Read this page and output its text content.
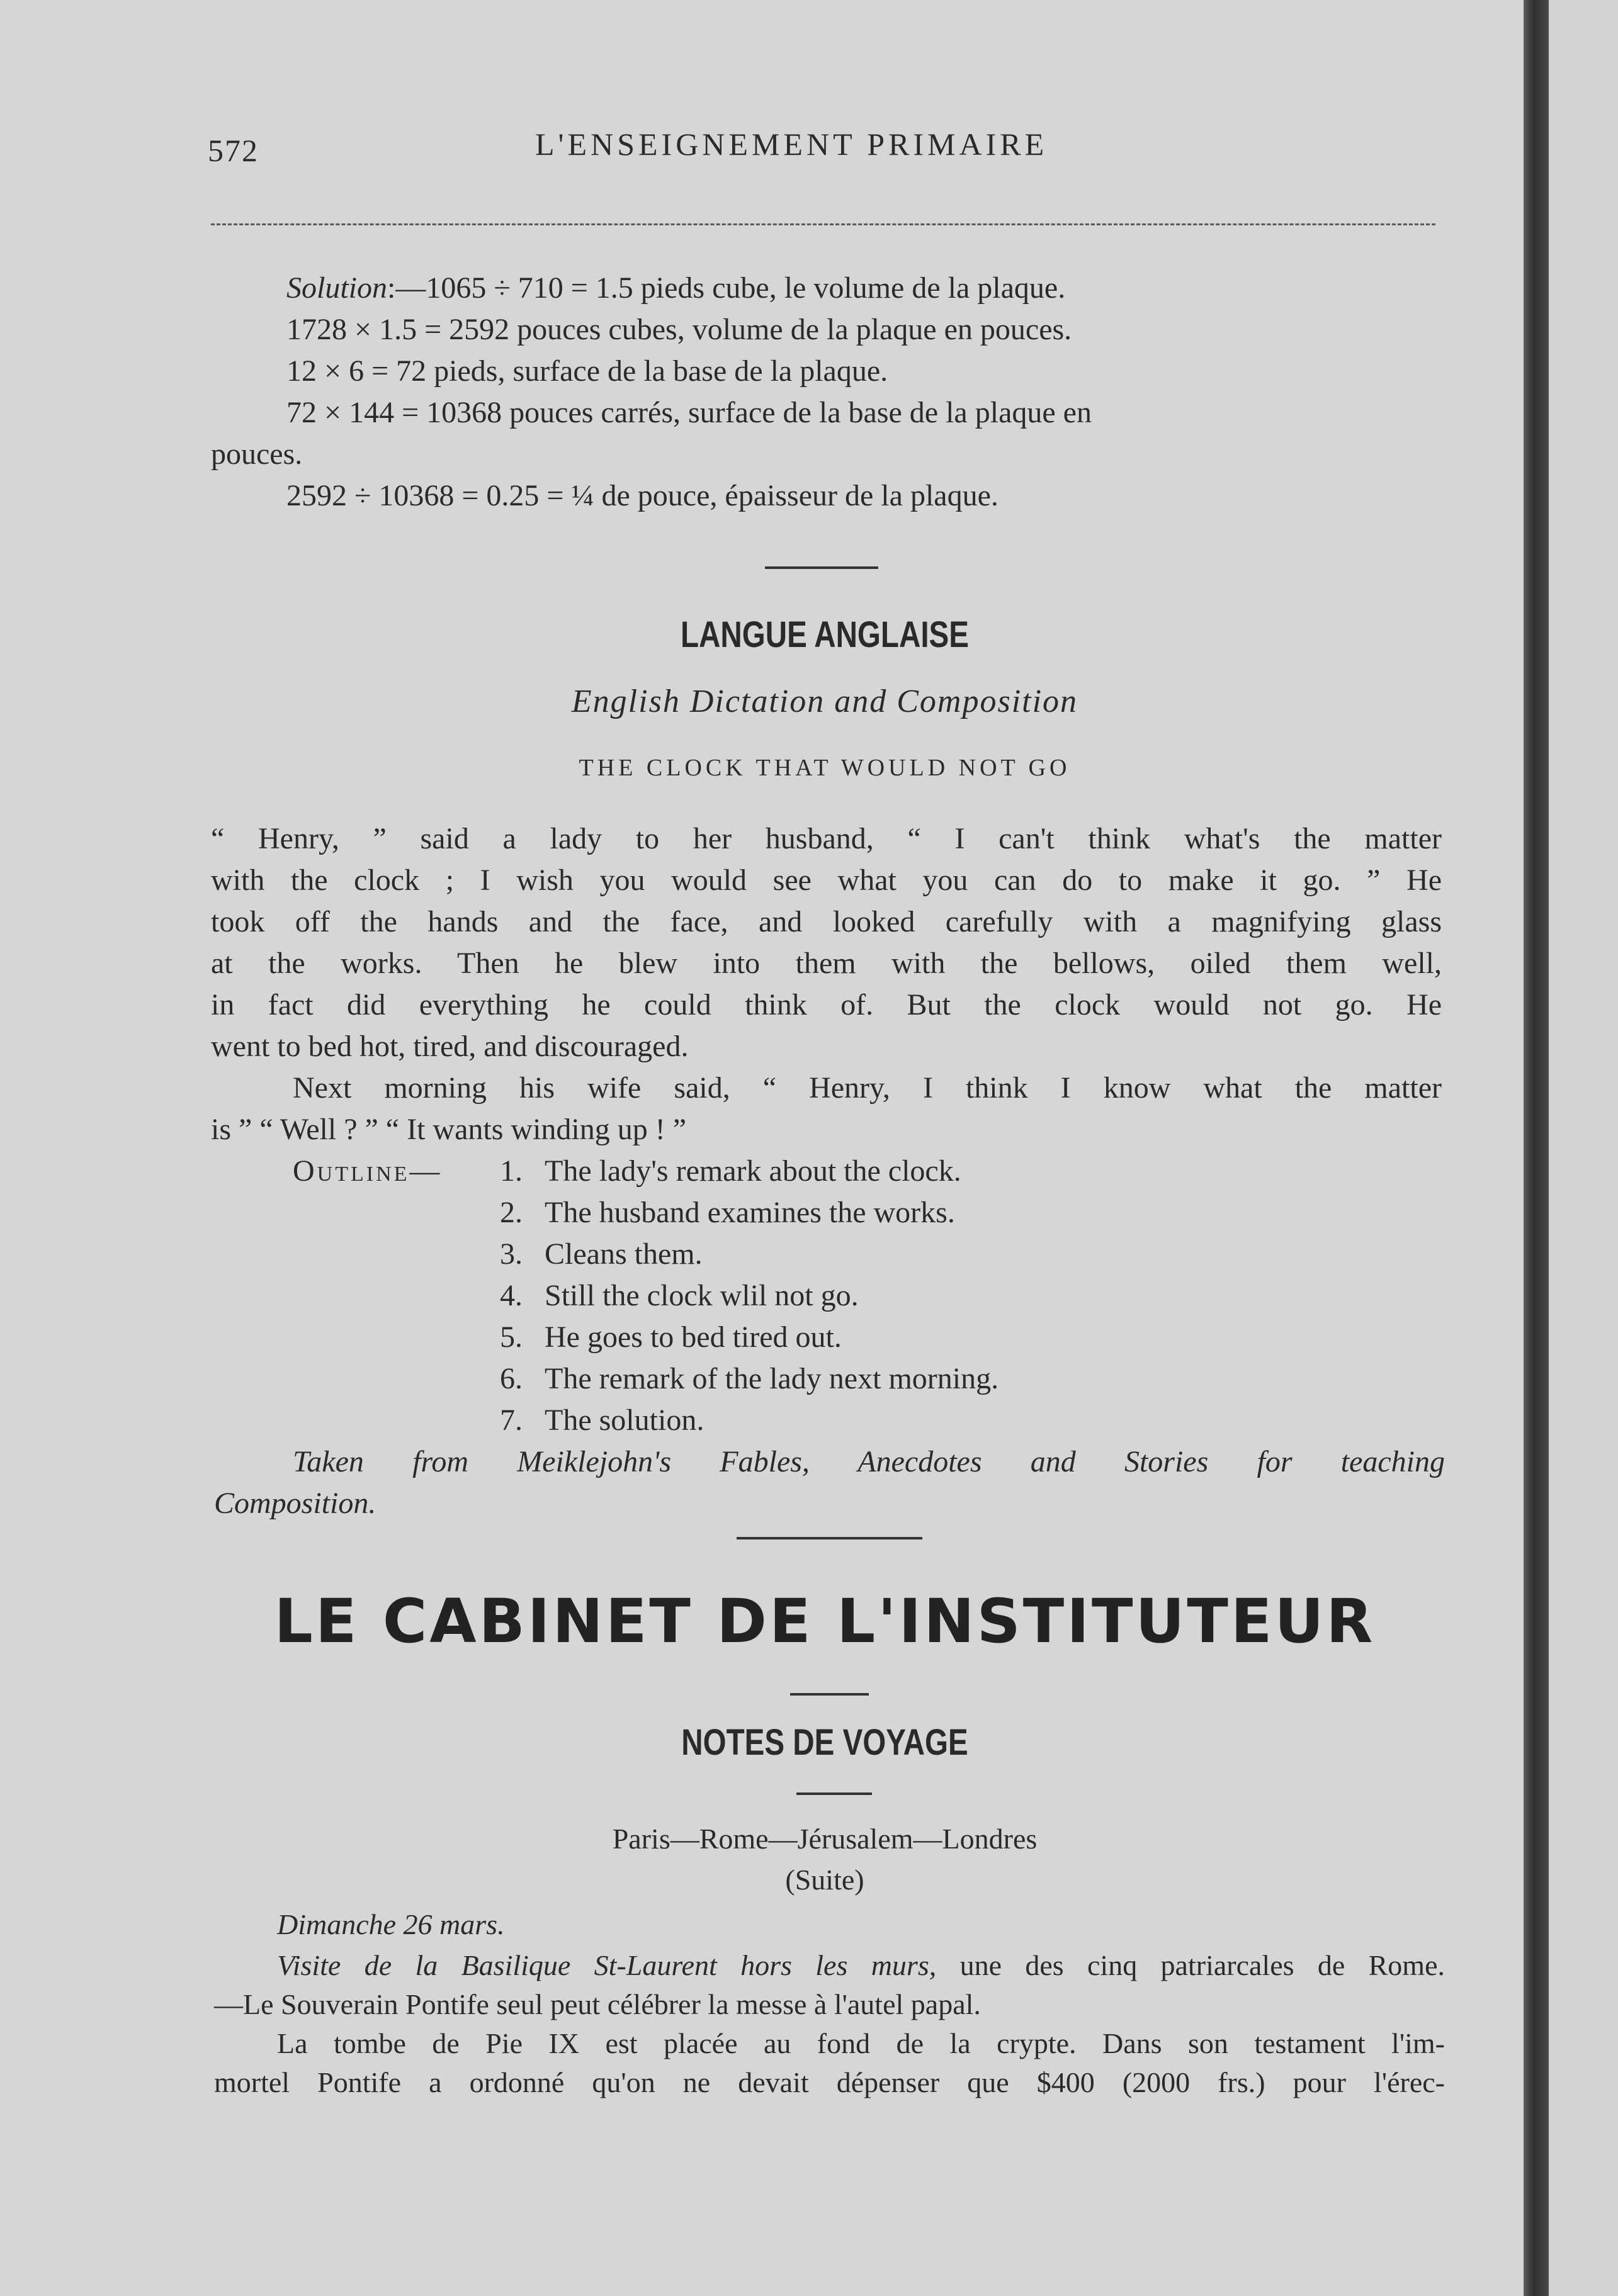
572	L'ENSEIGNEMENT PRIMAIRE
Solution:—1065 ÷ 710 = 1.5 pieds cube, le volume de la plaque.
1728 × 1.5 = 2592 pouces cubes, volume de la plaque en pouces.
12 × 6 = 72 pieds, surface de la base de la plaque.
72 × 144 = 10368 pouces carrés, surface de la base de la plaque en
pouces.
2592 ÷ 10368 = 0.25 = ¼ de pouce, épaisseur de la plaque.
LANGUE ANGLAISE
English Dictation and Composition
THE CLOCK THAT WOULD NOT GO
“ Henry, ” said a lady to her husband, “ I can't think what's the matter
with the clock ; I wish you would see what you can do to make it go. ” He
took off the hands and the face, and looked carefully with a magnifying glass
at the works. Then he blew into them with the bellows, oiled them well,
in fact did everything he could think of. But the clock would not go. He
went to bed hot, tired, and discouraged.
Next morning his wife said, “ Henry, I think I know what the matter
is ” “ Well ? ” “ It wants winding up ! ”
Outline—	1. The lady's remark about the clock.
2. The husband examines the works.
3. Cleans them.
4. Still the clock wlil not go.
5. He goes to bed tired out.
6. The remark of the lady next morning.
7. The solution.
Taken from Meiklejohn's Fables, Anecdotes and Stories for teaching
Composition.
LE CABINET DE L'INSTITUTEUR
NOTES DE VOYAGE
Paris—Rome—Jérusalem—Londres
(Suite)
Dimanche 26 mars.
Visite de la Basilique St-Laurent hors les murs, une des cinq patriarcales de Rome.
—Le Souverain Pontife seul peut célébrer la messe à l'autel papal.
La tombe de Pie IX est placée au fond de la crypte. Dans son testament l'im-
mortel Pontife a ordonné qu'on ne devait dépenser que $400 (2000 frs.) pour l'érec-
